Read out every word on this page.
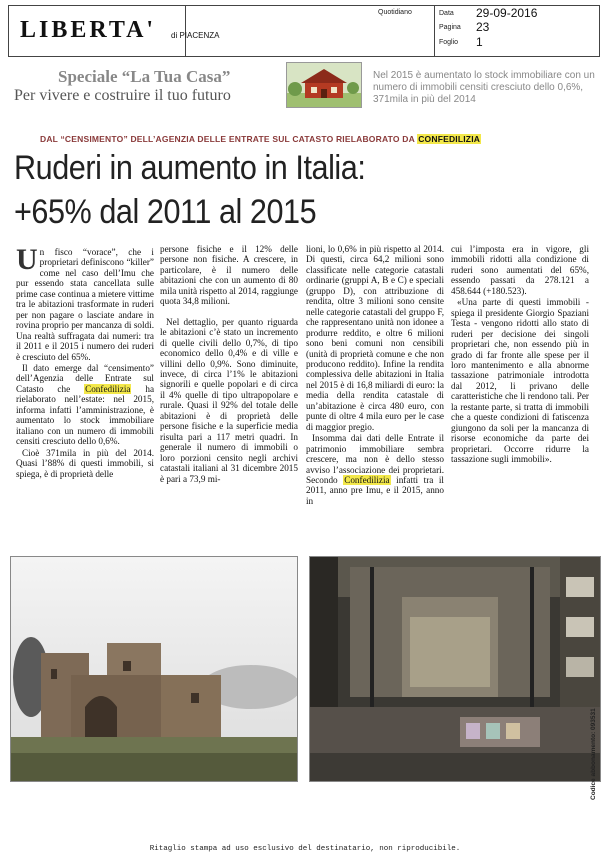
LIBERTA' di PIACENZA
Quotidiano	Data 29-09-2016
Pagina 23
Foglio 1
Speciale “La Tua Casa”
Per vivere e costruire il tuo futuro
Nel 2015 è aumentato lo stock immobiliare con un numero di immobili censiti cresciuto dello 0,6%, 371mila in più del 2014
DAL “CENSIMENTO” DELL’AGENZIA DELLE ENTRATE SUL CATASTO RIELABORATO DA CONFEDILIZIA
Ruderi in aumento in Italia:
+65% dal 2011 al 2015

Un fisco “vorace”, che i proprietari definiscono “killer” come nel caso dell’Imu che pur essendo stata cancellata sulle prime case continua a mietere vittime tra le abitazioni trasformate in ruderi per non pagare o lasciate andare in rovina proprio per mancanza di soldi. Una realtà suffragata dai numeri: tra il 2011 e il 2015 i numero dei ruderi è cresciuto del 65%.

Il dato emerge dal “censimento” dell’Agenzia delle Entrate sul Catasto che Confedilizia ha rielaborato nell’estate: nel 2015, informa infatti l’amministrazione, è aumentato lo stock immobiliare italiano con un numero di immobili censiti cresciuto dello 0,6%.

Cioè 371mila in più del 2014. Quasi l’88% di questi immobili, si spiega, è di proprietà delle

persone fisiche e il 12% delle persone non fisiche. A crescere, in particolare, è il numero delle abitazioni che con un aumento di 80 mila unità rispetto al 2014, raggiunge quota 34,8 milioni.

Nel dettaglio, per quanto riguarda le abitazioni c’è stato un incremento di quelle civili dello 0,7%, di tipo economico dello 0,4% e di ville e villini dello 0,9%. Sono diminuite, invece, di circa l’1% le abitazioni signorili e quelle popolari e di circa il 4% quelle di tipo ultrapopolare e rurale. Quasi il 92% del totale delle abitazioni è di proprietà delle persone fisiche e la superficie media risulta pari a 117 metri quadri. In generale il numero di immobili o loro porzioni censito negli archivi catastali italiani al 31 dicembre 2015 è pari a 73,9 mi-

lioni, lo 0,6% in più rispetto al 2014. Di questi, circa 64,2 milioni sono classificate nelle categorie catastali ordinarie (gruppi A, B e C) e speciali (gruppo D), con attribuzione di rendita, oltre 3 milioni sono censite nelle categorie catastali del gruppo F, che rappresentano unità non idonee a produrre reddito, e oltre 6 milioni sono beni comuni non censibili (unità di proprietà comune e che non producono reddito). Infine la rendita complessiva delle abitazioni in Italia nel 2015 è di 16,8 miliardi di euro: la media della rendita catastale di un’abitazione è circa 480 euro, con punte di oltre 4 mila euro per le case di maggior pregio.

Insomma dai dati delle Entrate il patrimonio immobiliare sembra crescere, ma non è dello stesso avviso l’associazione dei proprietari. Secondo Confedilizia infatti tra il 2011, anno pre Imu, e il 2015, anno in

cui l’imposta era in vigore, gli immobili ridotti alla condizione di ruderi sono aumentati del 65%, essendo passati da 278.121 a 458.644 (+180.523).

«Una parte di questi immobili - spiega il presidente Giorgio Spaziani Testa - vengono ridotti allo stato di ruderi per decisione dei singoli proprietari che, non essendo più in grado di far fronte alle spese per il loro mantenimento e alla abnorme tassazione patrimoniale introdotta dal 2012, li privano delle caratteristiche che li rendono tali. Per la restante parte, si tratta di immobili che a queste condizioni di fatiscenza giungono da soli per la mancanza di risorse economiche da parte dei proprietari. Occorre ridurre la tassazione sugli immobili».

Ritaglio stampa ad uso esclusivo del destinatario, non riproducibile.
Codice abbonamento: 093531
